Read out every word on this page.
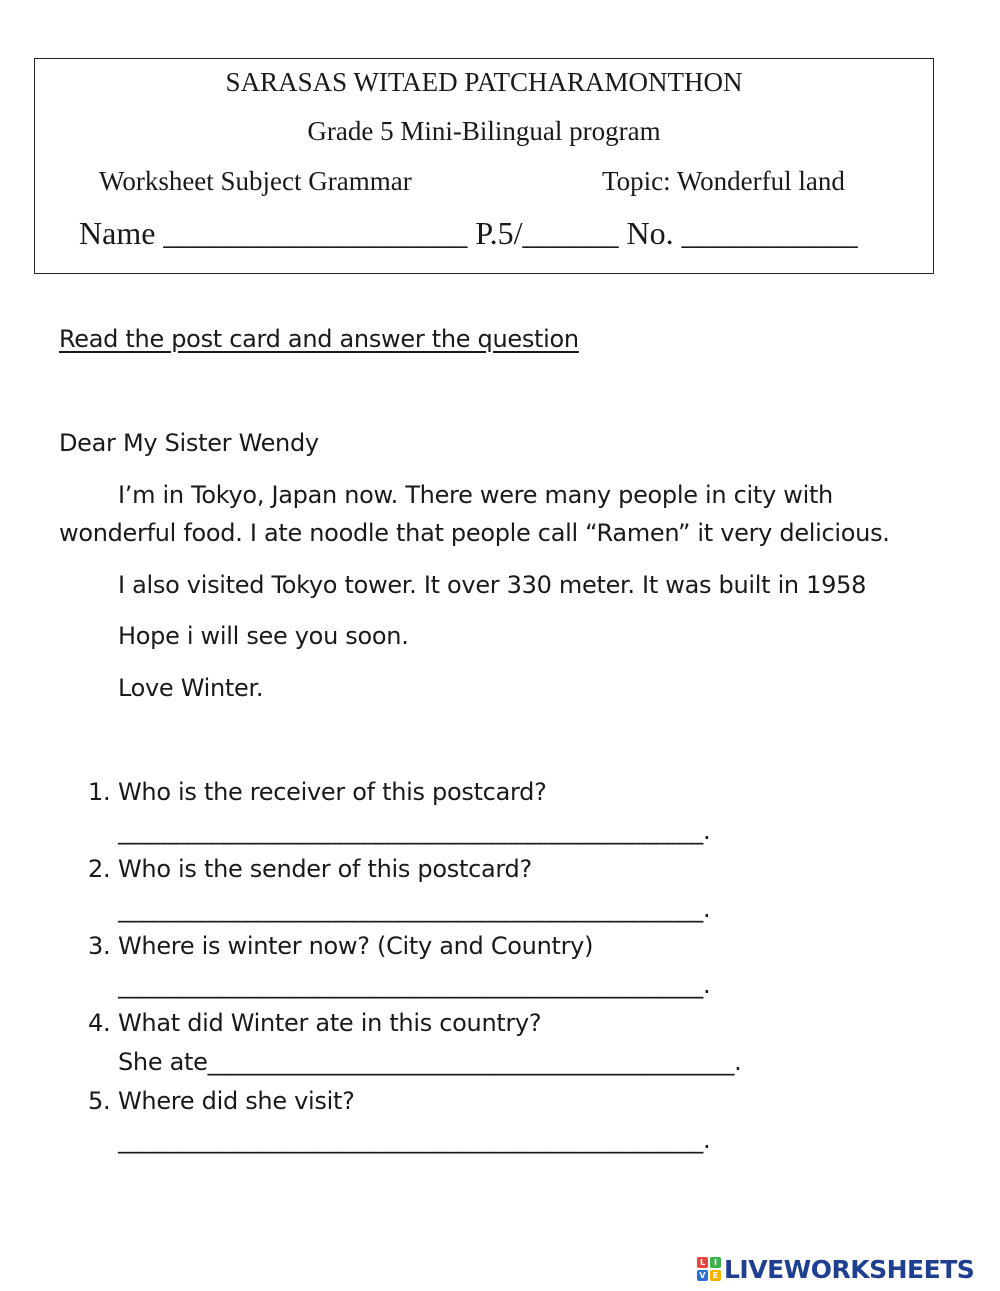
SARASAS WITAED PATCHARAMONTHON
Grade 5 Mini-Bilingual program
Worksheet Subject Grammar	Topic: Wonderful land
Name ___________________ P.5/______ No. ___________
Read the post card and answer the question
Dear My Sister Wendy
I’m in Tokyo, Japan now. There were many people in city with
wonderful food. I ate noodle that people call “Ramen” it very delicious.
I also visited Tokyo tower. It over 330 meter. It was built in 1958
Hope i will see you soon.
Love Winter.
1. Who is the receiver of this postcard?
__________________________________________________.
2. Who is the sender of this postcard?
__________________________________________________.
3. Where is winter now? (City and Country)
__________________________________________________.
4. What did Winter ate in this country?
She ate_____________________________________________.
5. Where did she visit?
__________________________________________________.
L	I
V E LIVEWORKSHEETS
